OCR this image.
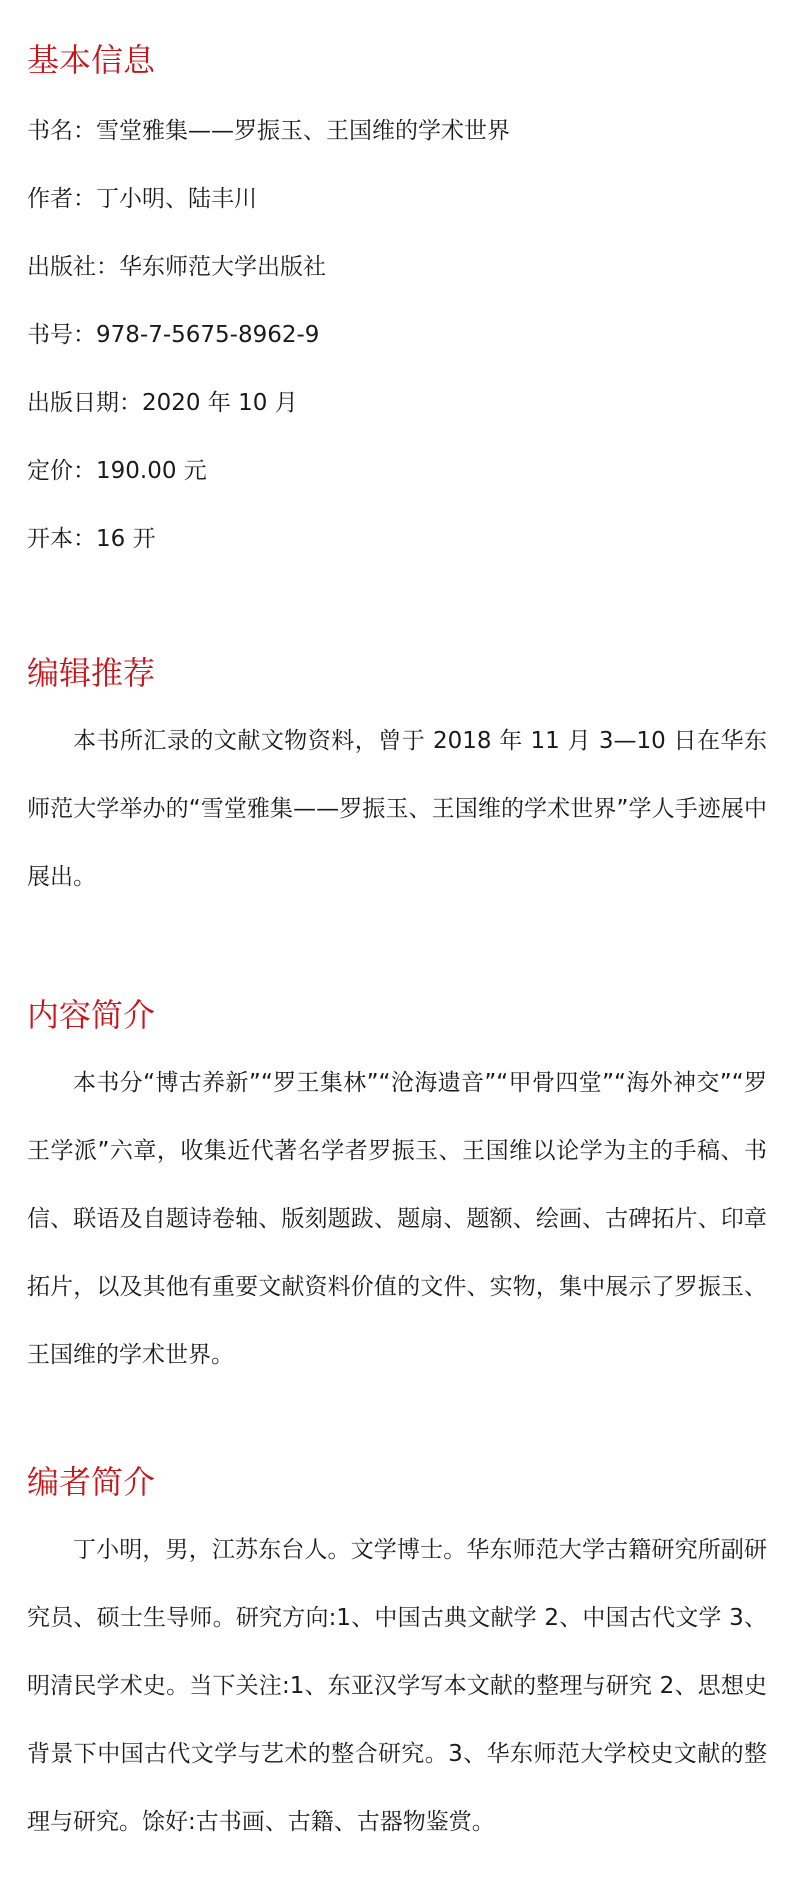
基本信息
书名：雪堂雅集——罗振玉、王国维的学术世界
作者：丁小明、陆丰川
出版社：华东师范大学出版社
书号：978-7-5675-8962-9
出版日期：2020 年 10 月
定价：190.00 元
开本：16 开
编辑推荐

本书所汇录的文献文物资料，曾于 2018 年 11 月 3—10 日在华东师范大学举办的“雪堂雅集——罗振玉、王国维的学术世界”学人手迹展中展出。

内容简介

本书分“博古养新”“罗王集林”“沧海遗音”“甲骨四堂”“海外神交”“罗王学派”六章，收集近代著名学者罗振玉、王国维以论学为主的手稿、书信、联语及自题诗卷轴、版刻题跋、题扇、题额、绘画、古碑拓片、印章拓片，以及其他有重要文献资料价值的文件、实物，集中展示了罗振玉、王国维的学术世界。

编者简介

丁小明，男，江苏东台人。文学博士。华东师范大学古籍研究所副研究员、硕士生导师。研究方向:1、中国古典文献学 2、中国古代文学 3、明清民学术史。当下关注:1、东亚汉学写本文献的整理与研究 2、思想史背景下中国古代文学与艺术的整合研究。3、华东师范大学校史文献的整理与研究。馀好:古书画、古籍、古器物鉴赏。
